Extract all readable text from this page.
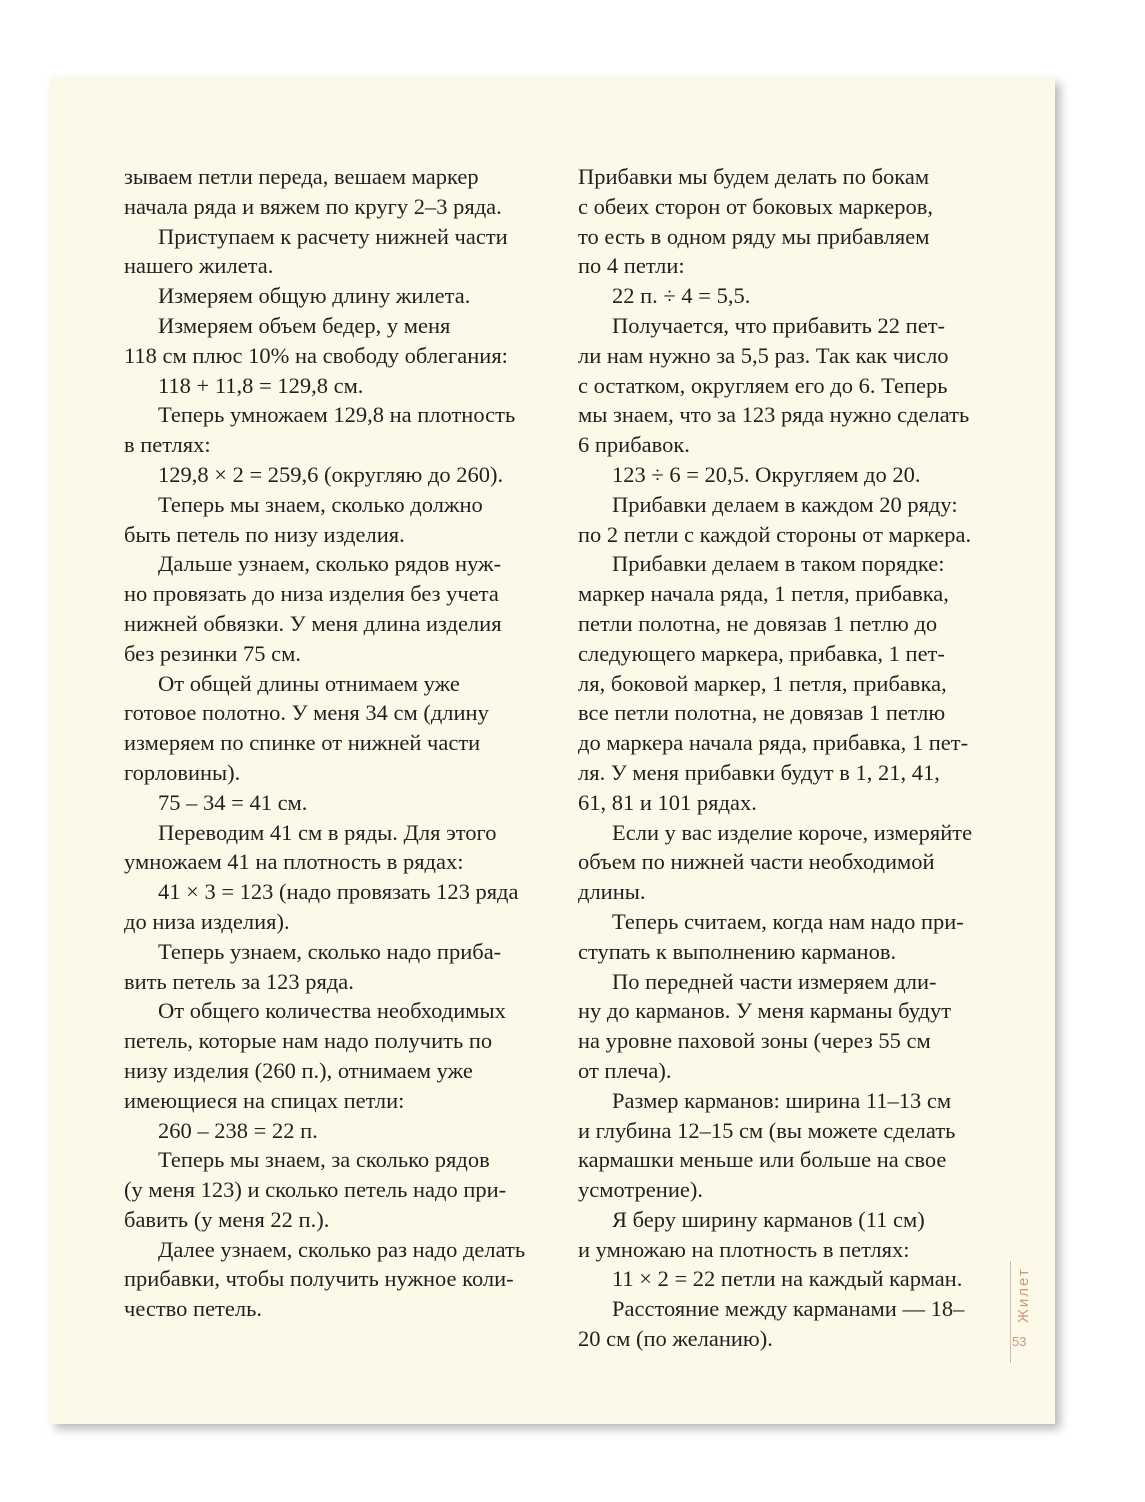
зываем петли переда, вешаем маркер
начала ряда и вяжем по кругу 2–3 ряда.
Приступаем к расчету нижней части
нашего жилета.
Измеряем общую длину жилета.
Измеряем объем бедер, у меня
118 см плюс 10% на свободу облегания:
118 + 11,8 = 129,8 см.
Теперь умножаем 129,8 на плотность
в петлях:
129,8 × 2 = 259,6 (округляю до 260).
Теперь мы знаем, сколько должно
быть петель по низу изделия.
Дальше узнаем, сколько рядов нуж-
но провязать до низа изделия без учета
нижней обвязки. У меня длина изделия
без резинки 75 см.
От общей длины отнимаем уже
готовое полотно. У меня 34 см (длину
измеряем по спинке от нижней части
горловины).
75 – 34 = 41 см.
Переводим 41 см в ряды. Для этого
умножаем 41 на плотность в рядах:
41 × 3 = 123 (надо провязать 123 ряда
до низа изделия).
Теперь узнаем, сколько надо приба-
вить петель за 123 ряда.
От общего количества необходимых
петель, которые нам надо получить по
низу изделия (260 п.), отнимаем уже
имеющиеся на спицах петли:
260 – 238 = 22 п.
Теперь мы знаем, за сколько рядов
(у меня 123) и сколько петель надо при-
бавить (у меня 22 п.).
Далее узнаем, сколько раз надо делать
прибавки, чтобы получить нужное коли-
чество петель.
Прибавки мы будем делать по бокам
с обеих сторон от боковых маркеров,
то есть в одном ряду мы прибавляем
по 4 петли:
22 п. ÷ 4 = 5,5.
Получается, что прибавить 22 пет-
ли нам нужно за 5,5 раз. Так как число
с остатком, округляем его до 6. Теперь
мы знаем, что за 123 ряда нужно сделать
6 прибавок.
123 ÷ 6 = 20,5. Округляем до 20.
Прибавки делаем в каждом 20 ряду:
по 2 петли с каждой стороны от маркера.
Прибавки делаем в таком порядке:
маркер начала ряда, 1 петля, прибавка,
петли полотна, не довязав 1 петлю до
следующего маркера, прибавка, 1 пет-
ля, боковой маркер, 1 петля, прибавка,
все петли полотна, не довязав 1 петлю
до маркера начала ряда, прибавка, 1 пет-
ля. У меня прибавки будут в 1, 21, 41,
61, 81 и 101 рядах.
Если у вас изделие короче, измеряйте
объем по нижней части необходимой
длины.
Теперь считаем, когда нам надо при-
ступать к выполнению карманов.
По передней части измеряем дли-
ну до карманов. У меня карманы будут
на уровне паховой зоны (через 55 см
от плеча).
Размер карманов: ширина 11–13 см
и глубина 12–15 см (вы можете сделать
кармашки меньше или больше на свое
усмотрение).
Я беру ширину карманов (11 см)
и умножаю на плотность в петлях:
11 × 2 = 22 петли на каждый карман.
Расстояние между карманами — 18–
20 см (по желанию).
Жилет
53
